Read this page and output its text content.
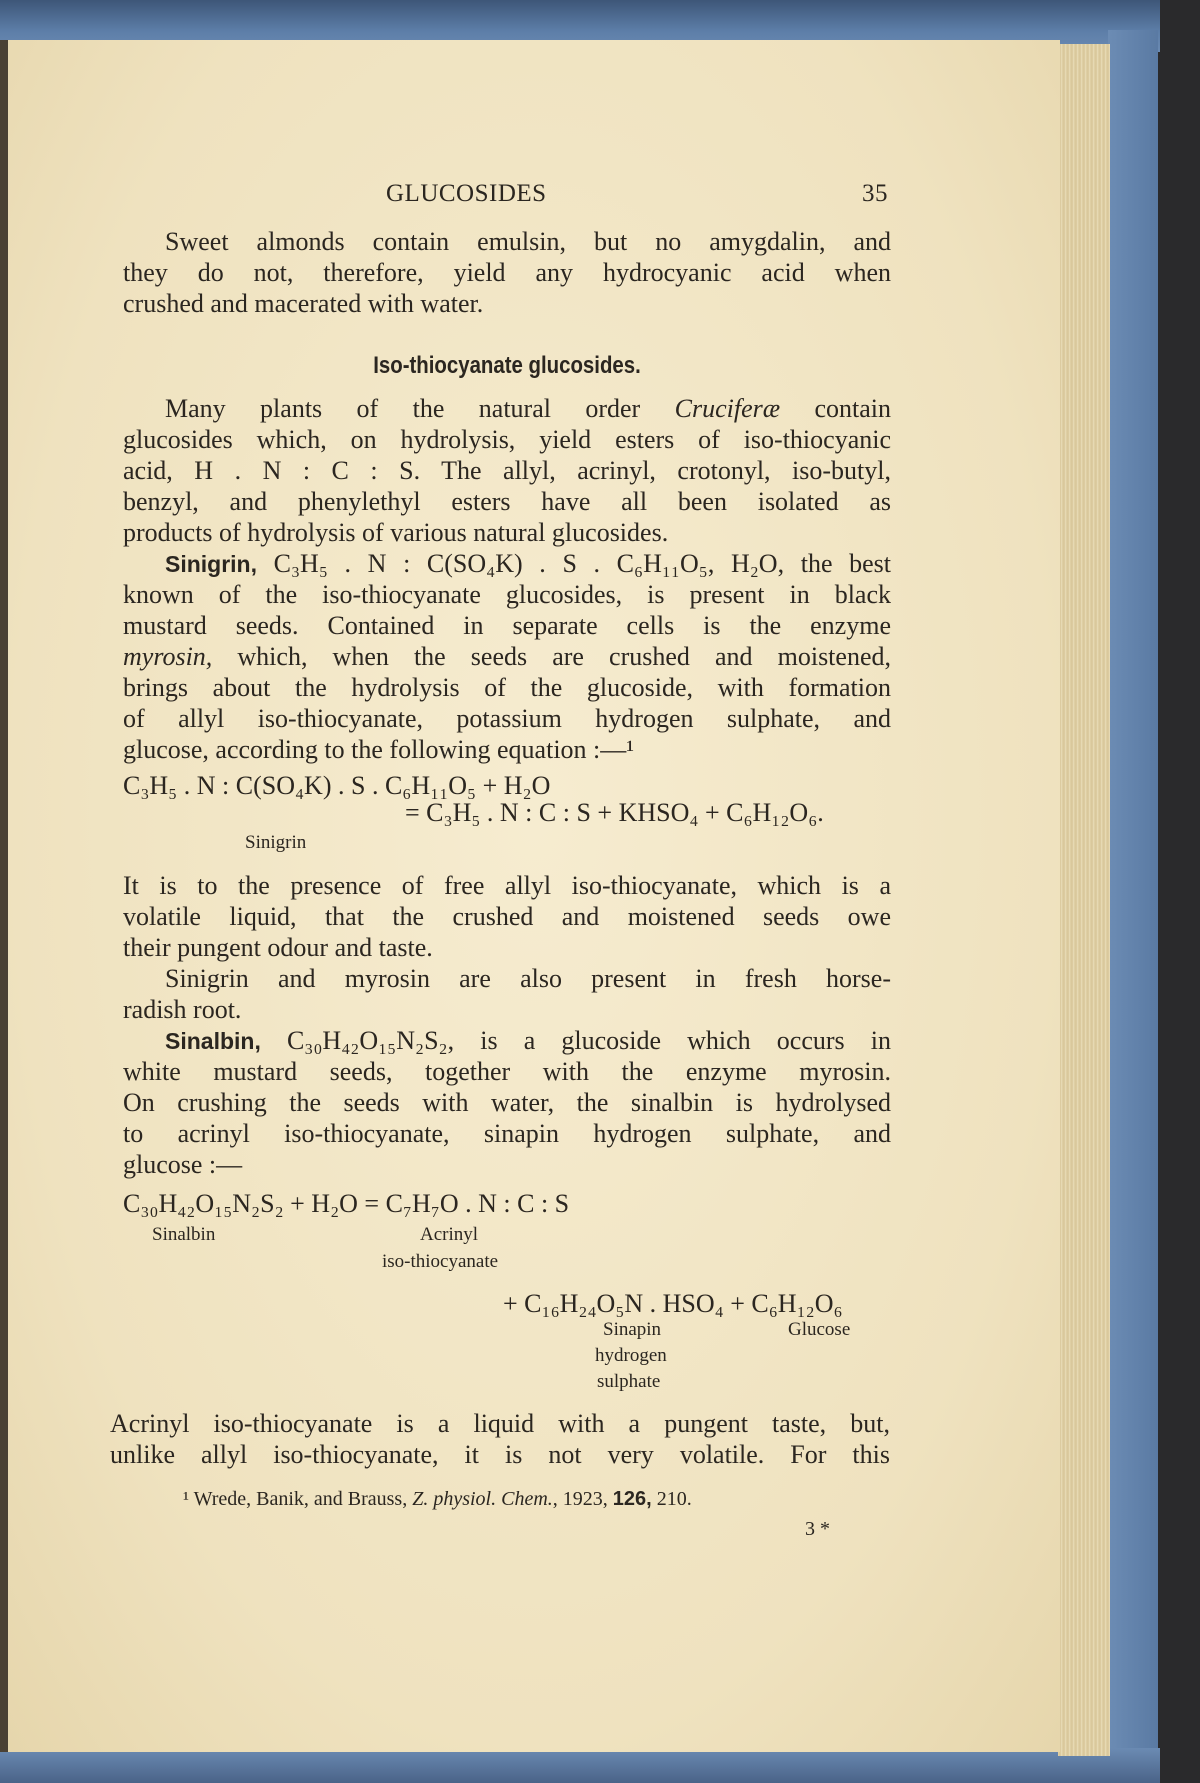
GLUCOSIDES	35
Sweet almonds contain emulsin, but no amygdalin, and
they do not, therefore, yield any hydrocyanic acid when
crushed and macerated with water.
Iso-thiocyanate glucosides.
Many plants of the natural order Cruciferæ contain
glucosides which, on hydrolysis, yield esters of iso-thiocyanic
acid, H . N : C : S. The allyl, acrinyl, crotonyl, iso-butyl,
benzyl, and phenylethyl esters have all been isolated as
products of hydrolysis of various natural glucosides.
Sinigrin, C₃H₅ . N : C(SO₄K) . S . C₆H₁₁O₅, H₂O, the best
known of the iso-thiocyanate glucosides, is present in black
mustard seeds. Contained in separate cells is the enzyme
myrosin, which, when the seeds are crushed and moistened,
brings about the hydrolysis of the glucoside, with formation
of allyl iso-thiocyanate, potassium hydrogen sulphate, and
glucose, according to the following equation :—¹
C₃H₅ . N : C(SO₄K) . S . C₆H₁₁O₅ + H₂O
= C₃H₅ . N : C : S + KHSO₄ + C₆H₁₂O₆.
Sinigrin
It is to the presence of free allyl iso-thiocyanate, which is a
volatile liquid, that the crushed and moistened seeds owe
their pungent odour and taste.
Sinigrin and myrosin are also present in fresh horse-
radish root.
Sinalbin, C₃₀H₄₂O₁₅N₂S₂, is a glucoside which occurs in
white mustard seeds, together with the enzyme myrosin.
On crushing the seeds with water, the sinalbin is hydrolysed
to acrinyl iso-thiocyanate, sinapin hydrogen sulphate, and
glucose :—
C₃₀H₄₂O₁₅N₂S₂ + H₂O = C₇H₇O . N : C : S
Sinalbin	Acrinyl
iso-thiocyanate
+ C₁₆H₂₄O₅N . HSO₄ + C₆H₁₂O₆
Sinapin
hydrogen
sulphate
Glucose
Acrinyl iso-thiocyanate is a liquid with a pungent taste, but,
unlike allyl iso-thiocyanate, it is not very volatile. For this
¹ Wrede, Banik, and Brauss, Z. physiol. Chem., 1923, 126, 210.
3 *
